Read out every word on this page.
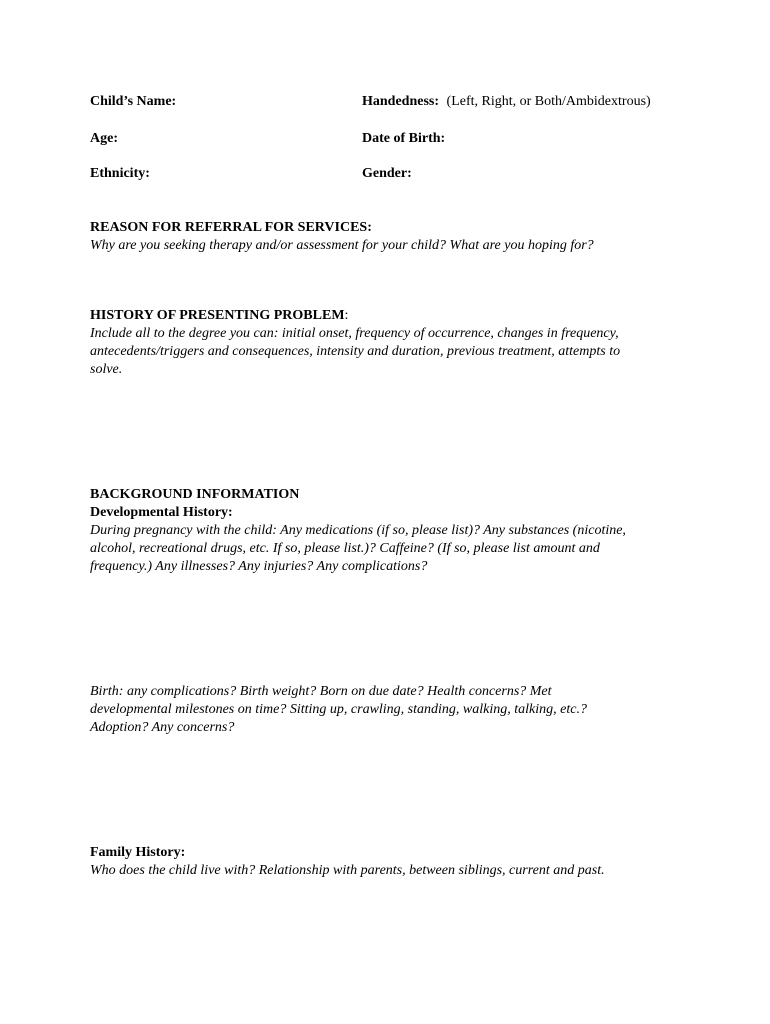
Child’s Name:	Handedness: (Left, Right, or Both/Ambidextrous)
Age:	Date of Birth:
Ethnicity:	Gender:
REASON FOR REFERRAL FOR SERVICES:
Why are you seeking therapy and/or assessment for your child? What are you hoping for?
HISTORY OF PRESENTING PROBLEM:
Include all to the degree you can: initial onset, frequency of occurrence, changes in frequency,
antecedents/triggers and consequences, intensity and duration, previous treatment, attempts to
solve.
BACKGROUND INFORMATION
Developmental History:
During pregnancy with the child: Any medications (if so, please list)? Any substances (nicotine,
alcohol, recreational drugs, etc. If so, please list.)? Caffeine? (If so, please list amount and
frequency.) Any illnesses? Any injuries? Any complications?
Birth: any complications? Birth weight? Born on due date? Health concerns? Met
developmental milestones on time? Sitting up, crawling, standing, walking, talking, etc.?
Adoption? Any concerns?
Family History:
Who does the child live with? Relationship with parents, between siblings, current and past.
